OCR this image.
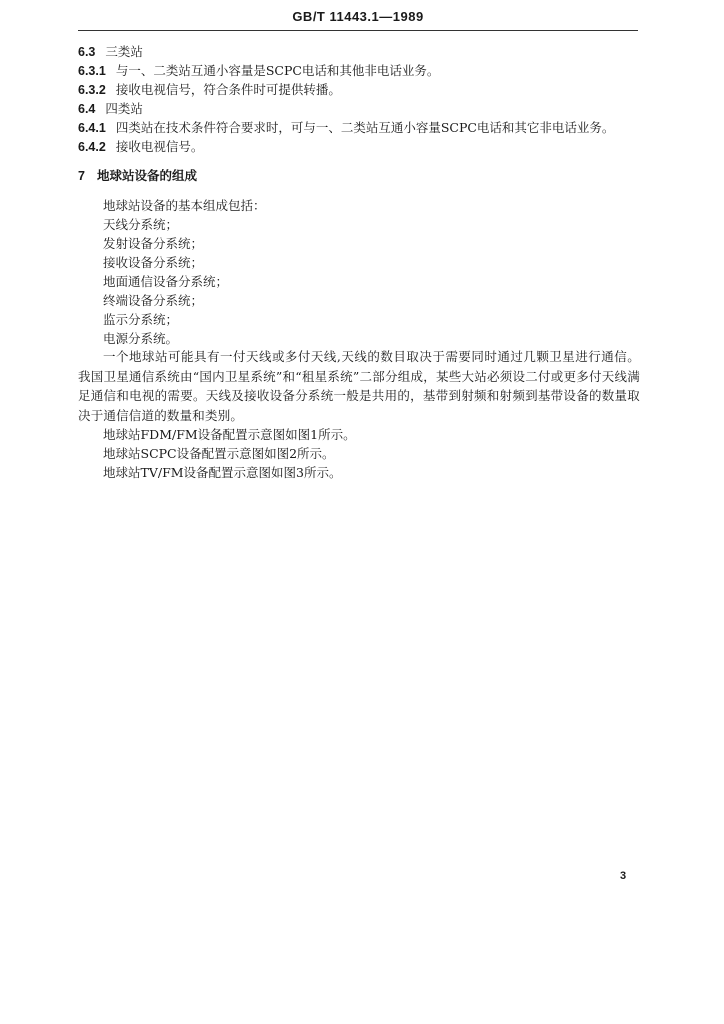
GB/T 11443.1—1989
6.3 三类站
6.3.1 与一、二类站互通小容量是SCPC电话和其他非电话业务。
6.3.2 接收电视信号，符合条件时可提供转播。
6.4 四类站
6.4.1 四类站在技术条件符合要求时，可与一、二类站互通小容量SCPC电话和其它非电话业务。
6.4.2 接收电视信号。
7 地球站设备的组成
地球站设备的基本组成包括：
天线分系统；
发射设备分系统；
接收设备分系统；
地面通信设备分系统；
终端设备分系统；
监示分系统；
电源分系统。
一个地球站可能具有一付天线或多付天线,天线的数目取决于需要同时通过几颗卫星进行通信。我国卫星通信系统由“国内卫星系统”和“租星系统”二部分组成，某些大站必须设二付或更多付天线满足通信和电视的需要。天线及接收设备分系统一般是共用的，基带到射频和射频到基带设备的数量取决于通信信道的数量和类别。
地球站FDM/FM设备配置示意图如图1所示。
地球站SCPC设备配置示意图如图2所示。
地球站TV/FM设备配置示意图如图3所示。
3
